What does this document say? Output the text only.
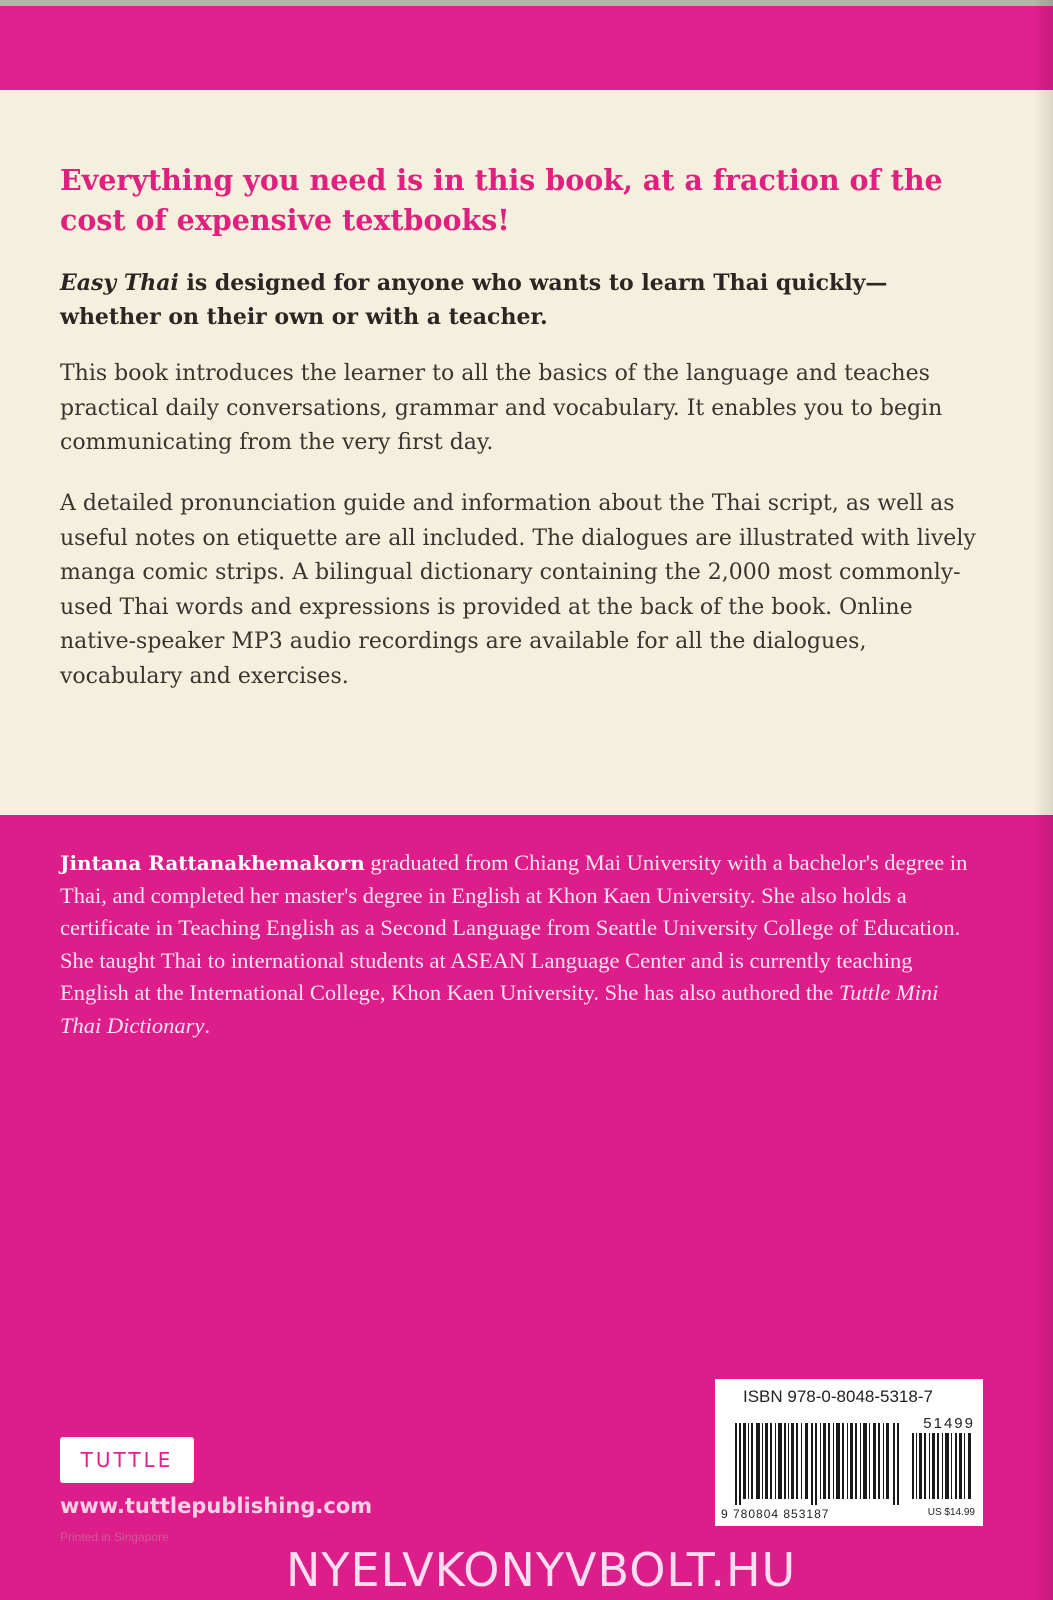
Everything you need is in this book, at a fraction of the cost of expensive textbooks!

Easy Thai is designed for anyone who wants to learn Thai quickly—whether on their own or with a teacher.

This book introduces the learner to all the basics of the language and teaches practical daily conversations, grammar and vocabulary. It enables you to begin communicating from the very first day.

A detailed pronunciation guide and information about the Thai script, as well as useful notes on etiquette are all included. The dialogues are illustrated with lively manga comic strips. A bilingual dictionary containing the 2,000 most commonly-used Thai words and expressions is provided at the back of the book. Online native-speaker MP3 audio recordings are available for all the dialogues, vocabulary and exercises.

Jintana Rattanakhemakorn graduated from Chiang Mai University with a bachelor's degree in Thai, and completed her master's degree in English at Khon Kaen University. She also holds a certificate in Teaching English as a Second Language from Seattle University College of Education. She taught Thai to international students at ASEAN Language Center and is currently teaching English at the International College, Khon Kaen University. She has also authored the Tuttle Mini Thai Dictionary.

TUTTLE
www.tuttlepublishing.com
Printed in Singapore
ISBN 978-0-8048-5318-7
51499
9 780804 853187	US $14.99
NYELVKONYVBOLT.HU
